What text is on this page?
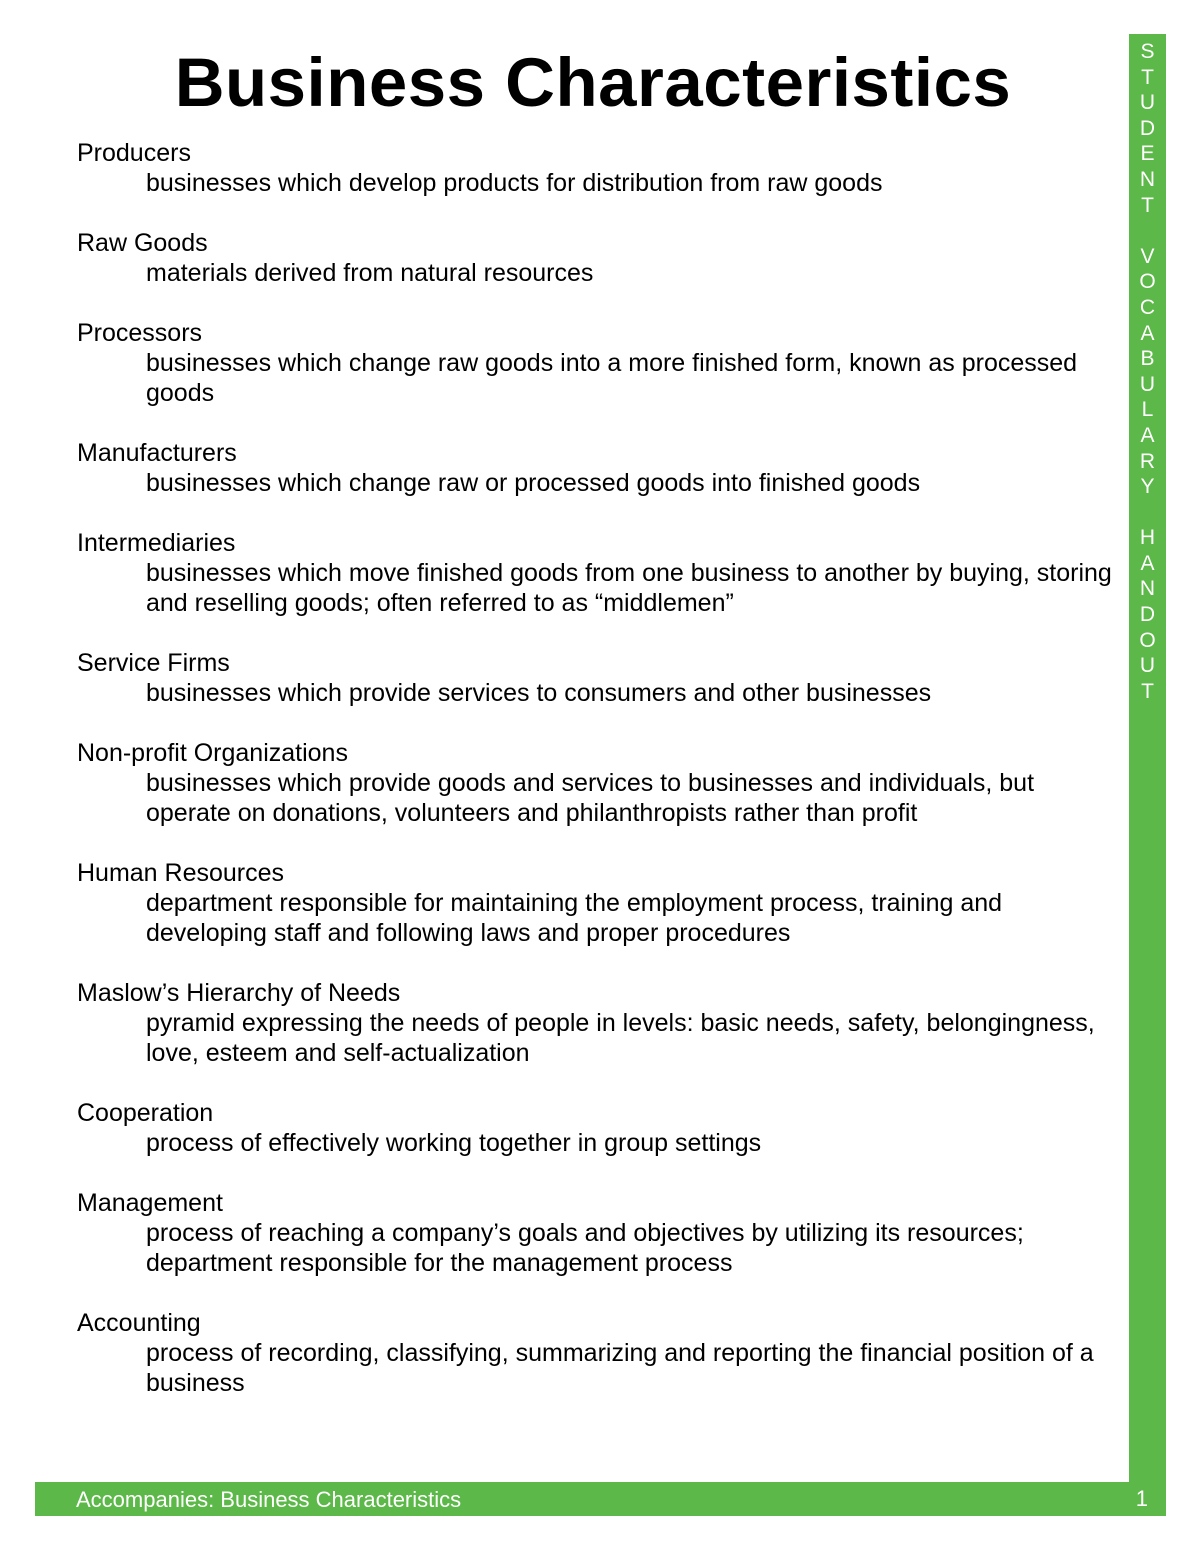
Business Characteristics
Producers
businesses which develop products for distribution from raw goods
Raw Goods
materials derived from natural resources
Processors
businesses which change raw goods into a more finished form, known as processed goods
Manufacturers
businesses which change raw or processed goods into finished goods
Intermediaries
businesses which move finished goods from one business to another by buying, storing and reselling goods; often referred to as “middlemen”
Service Firms
businesses which provide services to consumers and other businesses
Non-profit Organizations
businesses which provide goods and services to businesses and individuals, but operate on donations, volunteers and philanthropists rather than profit
Human Resources
department responsible for maintaining the employment process, training and developing staff and following laws and proper procedures
Maslow’s Hierarchy of Needs
pyramid expressing the needs of people in levels: basic needs, safety, belongingness, love, esteem and self-actualization
Cooperation
process of effectively working together in group settings
Management
process of reaching a company’s goals and objectives by utilizing its resources; department responsible for the management process
Accounting
process of recording, classifying, summarizing and reporting the financial position of a business
S
T
U
D
E
N
T

V
O
C
A
B
U
L
A
R
Y

H
A
N
D
O
U
T
Accompanies: Business Characteristics	1
